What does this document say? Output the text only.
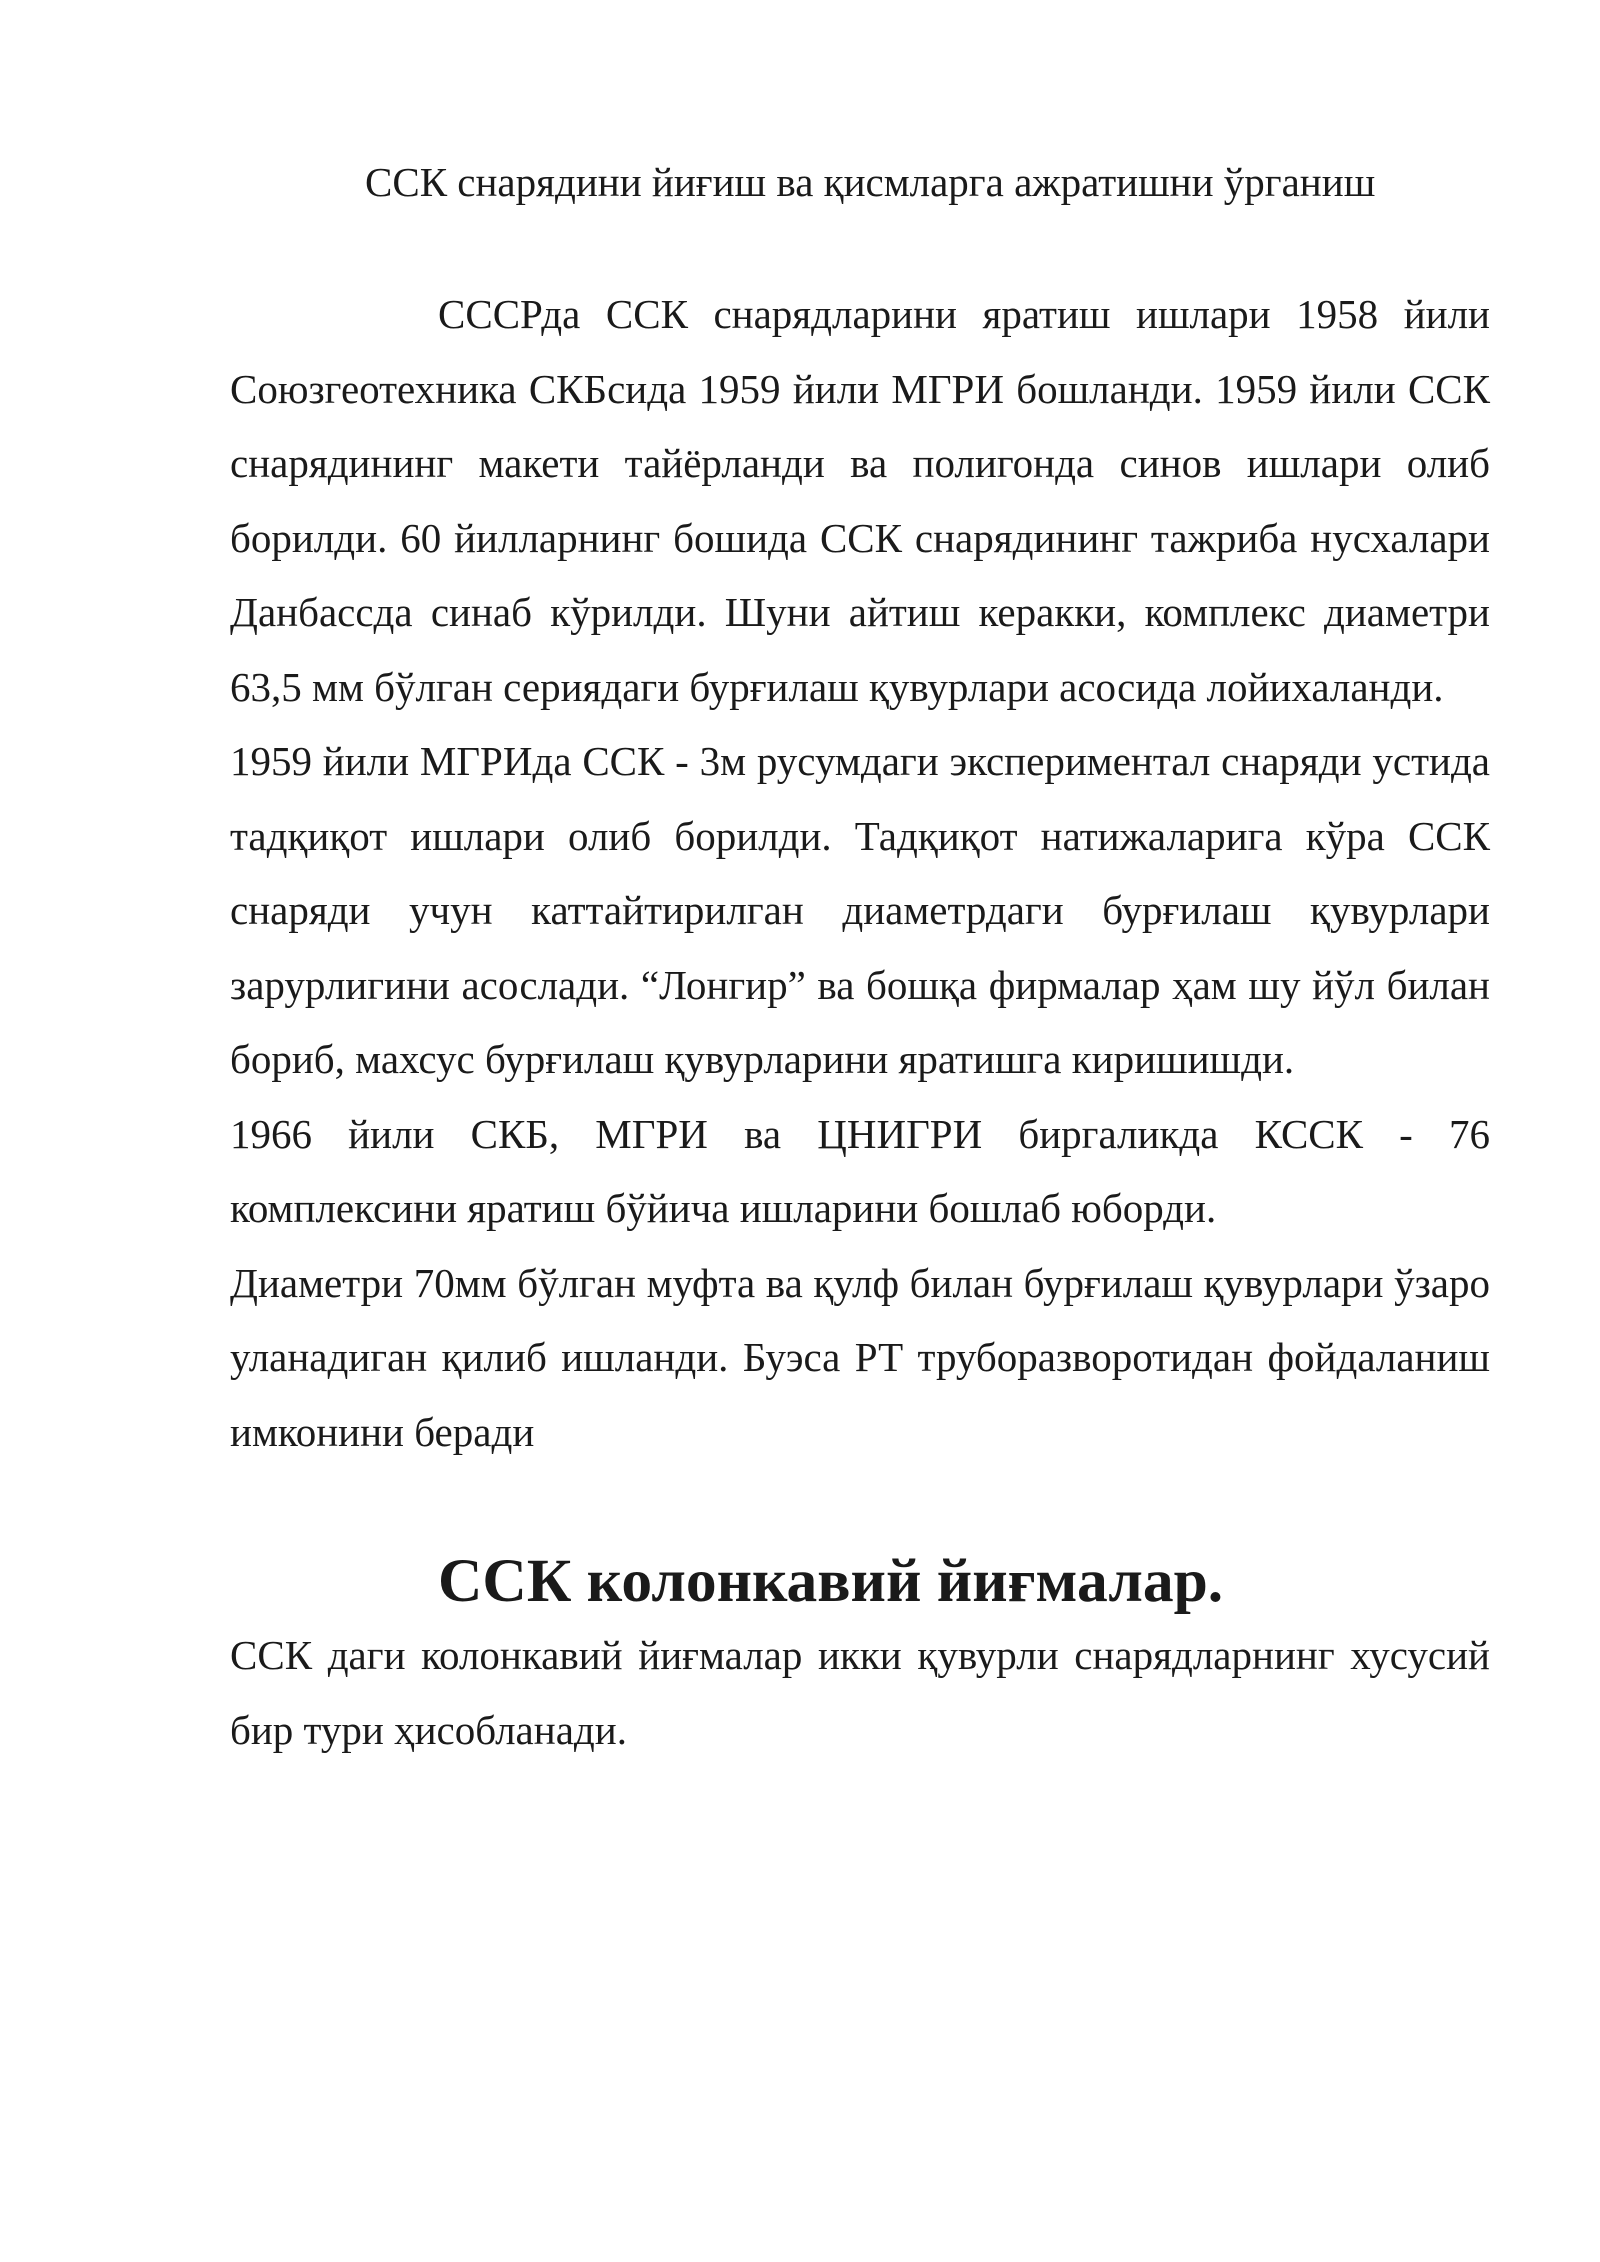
ССК снарядини йиғиш ва қисмларга ажратишни ўрганиш

СССРда ССК снарядларини яратиш ишлари 1958 йили Союзгеотехника СКБсида 1959 йили МГРИ бошланди. 1959 йили ССК снарядининг макети тайёрланди ва полигонда синов ишлари олиб борилди. 60 йилларнинг бошида ССК снарядининг тажриба нусхалари Данбассда синаб кўрилди. Шуни айтиш керакки, комплекс диаметри 63,5 мм бўлган сериядаги бурғилаш қувурлари асосида лойихаланди.

1959 йили МГРИда ССК - 3м русумдаги экспериментал снаряди устида тадқиқот ишлари олиб борилди. Тадқиқот натижаларига кўра ССК снаряди учун каттайтирилган диаметрдаги бурғилаш қувурлари зарурлигини асослади. “Лонгир” ва бошқа фирмалар ҳам шу йўл билан бориб, махсус бурғилаш қувурларини яратишга киришишди.

1966 йили СКБ, МГРИ ва ЦНИГРИ биргаликда КССК - 76 комплексини яратиш бўйича ишларини бошлаб юборди.

Диаметри 70мм бўлган муфта ва қулф билан бурғилаш қувурлари ўзаро уланадиган қилиб ишланди. Буэса РТ труборазворотидан фойдаланиш имконини беради

ССК колонкавий йиғмалар.

ССК даги колонкавий йиғмалар икки қувурли снарядларнинг хусусий бир тури ҳисобланади.
